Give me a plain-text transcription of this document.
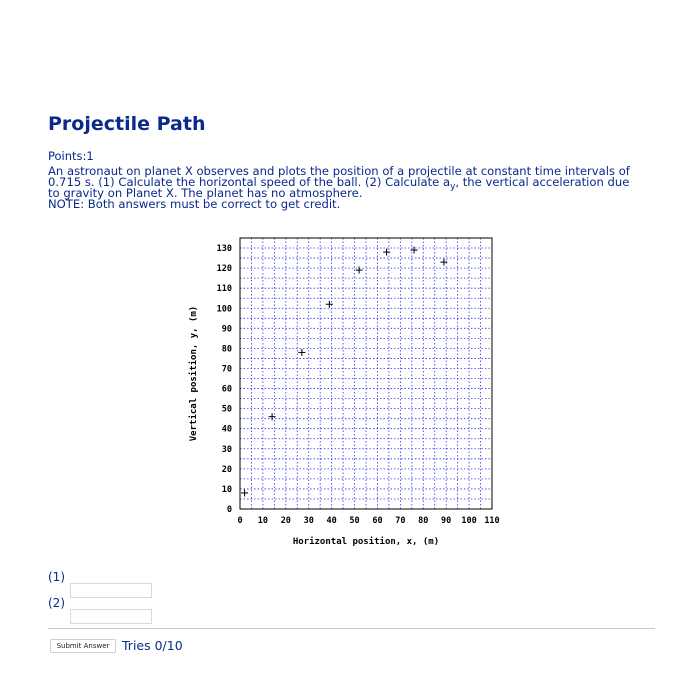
Projectile Path
Points:1
An astronaut on planet X observes and plots the position of a projectile at constant time intervals of
0.715 s. (1) Calculate the horizontal speed of the ball. (2) Calculate $a_y$, the vertical acceleration due
to gravity on Planet X. The planet has no atmosphere.
NOTE: Both answers must be correct to get credit.
0 10 20 30 40 50 60 70 80 90 100 110
0
10
20
30
40
50
60
70
80
90
100
110
120
130
Horizontal position, x, (m)
Vertical position, y, (m)
(1)
(2)
Submit Answer	Tries 0/10
